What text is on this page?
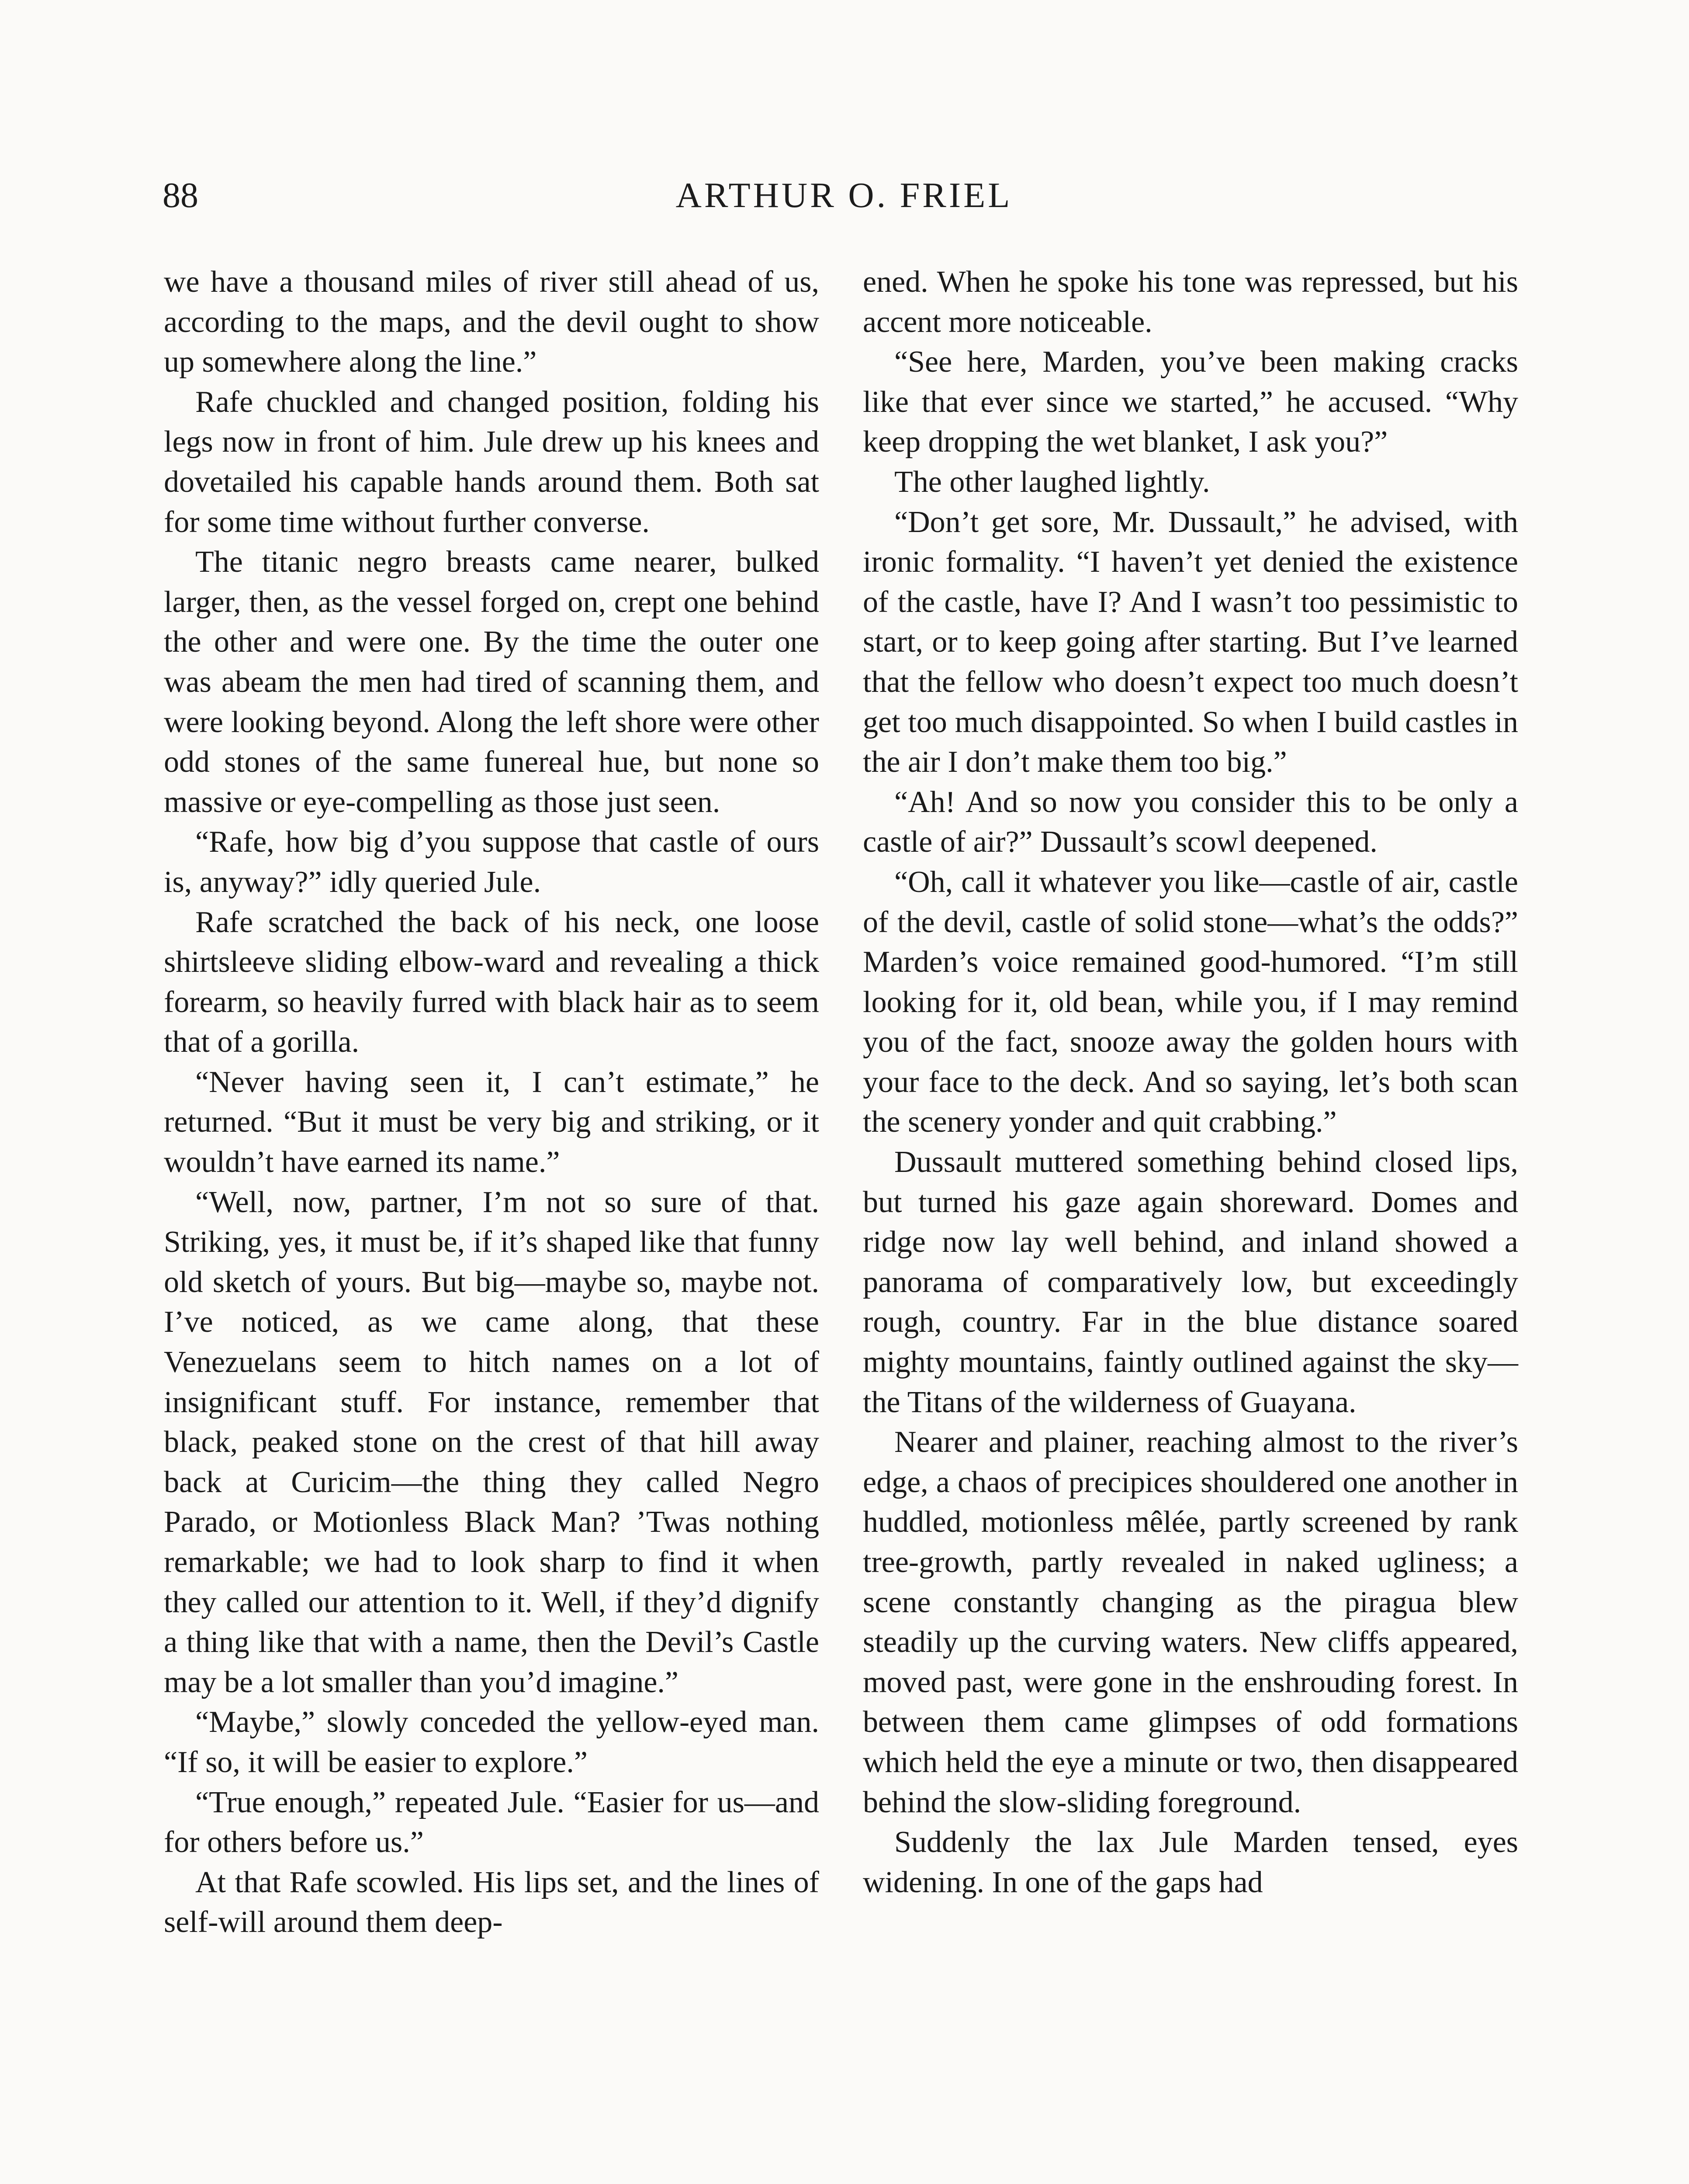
88	ARTHUR O. FRIEL

we have a thousand miles of river still ahead of us, according to the maps, and the devil ought to show up somewhere along the line.”

Rafe chuckled and changed position, folding his legs now in front of him. Jule drew up his knees and dovetailed his capable hands around them. Both sat for some time without further converse.

The titanic negro breasts came nearer, bulked larger, then, as the vessel forged on, crept one behind the other and were one. By the time the outer one was abeam the men had tired of scanning them, and were looking beyond. Along the left shore were other odd stones of the same funereal hue, but none so massive or eye-compelling as those just seen.

“Rafe, how big d’you suppose that castle of ours is, anyway?” idly queried Jule.

Rafe scratched the back of his neck, one loose shirtsleeve sliding elbow-ward and revealing a thick forearm, so heavily furred with black hair as to seem that of a gorilla.

“Never having seen it, I can’t estimate,” he returned. “But it must be very big and striking, or it wouldn’t have earned its name.”

“Well, now, partner, I’m not so sure of that. Striking, yes, it must be, if it’s shaped like that funny old sketch of yours. But big—maybe so, maybe not. I’ve noticed, as we came along, that these Venezuelans seem to hitch names on a lot of insignificant stuff. For instance, remember that black, peaked stone on the crest of that hill away back at Curicim—the thing they called Negro Parado, or Motionless Black Man? ’Twas nothing remarkable; we had to look sharp to find it when they called our attention to it. Well, if they’d dignify a thing like that with a name, then the Devil’s Castle may be a lot smaller than you’d imagine.”

“Maybe,” slowly conceded the yellow-eyed man. “If so, it will be easier to explore.”

“True enough,” repeated Jule. “Easier for us—and for others before us.”

At that Rafe scowled. His lips set, and the lines of self-will around them deep-

ened. When he spoke his tone was repressed, but his accent more noticeable.

“See here, Marden, you’ve been making cracks like that ever since we started,” he accused. “Why keep dropping the wet blanket, I ask you?”

The other laughed lightly.

“Don’t get sore, Mr. Dussault,” he advised, with ironic formality. “I haven’t yet denied the existence of the castle, have I? And I wasn’t too pessimistic to start, or to keep going after starting. But I’ve learned that the fellow who doesn’t expect too much doesn’t get too much disappointed. So when I build castles in the air I don’t make them too big.”

“Ah! And so now you consider this to be only a castle of air?” Dussault’s scowl deepened.

“Oh, call it whatever you like—castle of air, castle of the devil, castle of solid stone—what’s the odds?” Marden’s voice remained good-humored. “I’m still looking for it, old bean, while you, if I may remind you of the fact, snooze away the golden hours with your face to the deck. And so saying, let’s both scan the scenery yonder and quit crabbing.”

Dussault muttered something behind closed lips, but turned his gaze again shoreward. Domes and ridge now lay well behind, and inland showed a panorama of comparatively low, but exceedingly rough, country. Far in the blue distance soared mighty mountains, faintly outlined against the sky—the Titans of the wilderness of Guayana.

Nearer and plainer, reaching almost to the river’s edge, a chaos of precipices shouldered one another in huddled, motionless mêlée, partly screened by rank tree-growth, partly revealed in naked ugliness; a scene constantly changing as the piragua blew steadily up the curving waters. New cliffs appeared, moved past, were gone in the enshrouding forest. In between them came glimpses of odd formations which held the eye a minute or two, then disappeared behind the slow-sliding foreground.

Suddenly the lax Jule Marden tensed, eyes widening. In one of the gaps had
